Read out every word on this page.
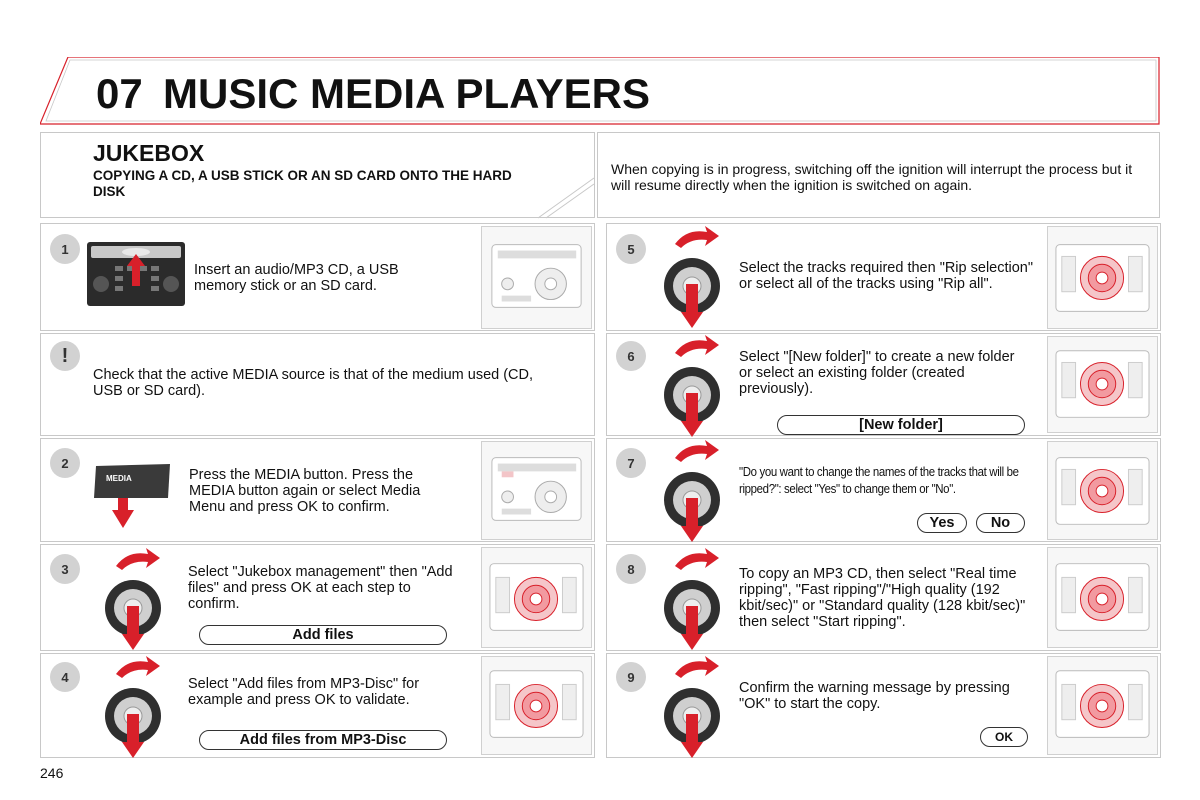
07 MUSIC MEDIA PLAYERS
JUKEBOX
COPYING A CD, A USB STICK OR AN SD CARD ONTO THE HARD DISK
When copying is in progress, switching off the ignition will interrupt the process but it will resume directly when the ignition is switched on again.
1
Insert an audio/MP3 CD, a USB memory stick or an SD card.
!
Check that the active MEDIA source is that of the medium used (CD, USB or SD card).
2
MEDIA	Press the MEDIA button. Press the MEDIA button again or select Media Menu and press OK to confirm.
3	Select "Jukebox management" then "Add files" and press OK at each step to confirm.
Add files
4	Select "Add files from MP3-Disc" for example and press OK to validate.
Add files from MP3-Disc
5
Select the tracks required then "Rip selection" or select all of the tracks using "Rip all".
6	Select "[New folder]" to create a new folder or select an existing folder (created previously).
[New folder]
7
"Do you want to change the names of the tracks that will be ripped?": select "Yes" to change them or "No".
Yes	No
8	To copy an MP3 CD, then select "Real time ripping", "Fast ripping"/"High quality (192 kbit/sec)" or "Standard quality (128 kbit/sec)" then select "Start ripping".
9
Confirm the warning message by pressing "OK" to start the copy.
OK
246
